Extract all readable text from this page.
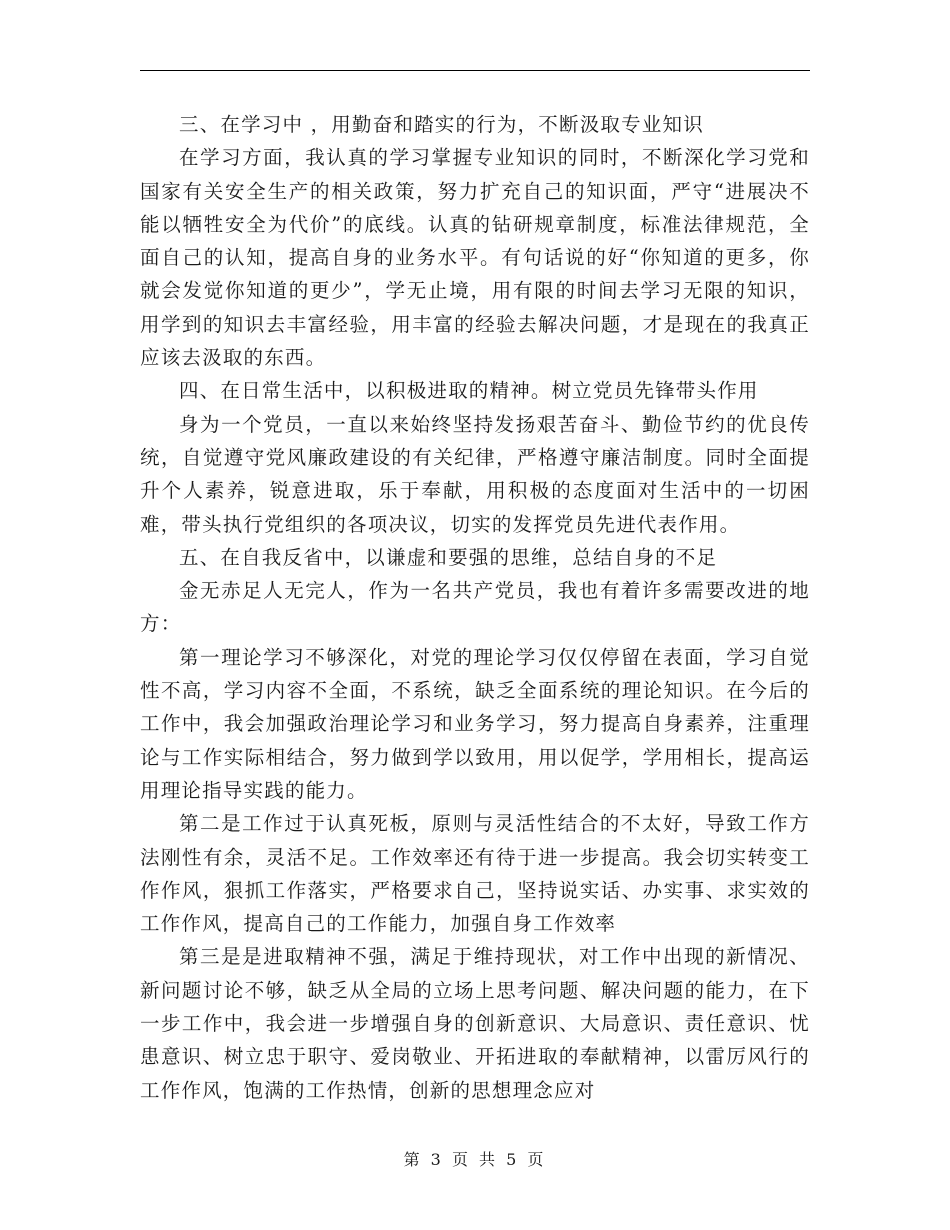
三、在学习中 ，用勤奋和踏实的行为，不断汲取专业知识

在学习方面，我认真的学习掌握专业知识的同时，不断深化学习党和国家有关安全生产的相关政策，努力扩充自己的知识面，严守“进展决不能以牺牲安全为代价”的底线。认真的钻研规章制度，标准法律规范，全面自己的认知，提高自身的业务水平。有句话说的好“你知道的更多，你就会发觉你知道的更少”，学无止境，用有限的时间去学习无限的知识，用学到的知识去丰富经验，用丰富的经验去解决问题，才是现在的我真正应该去汲取的东西。

四、在日常生活中，以积极进取的精神。树立党员先锋带头作用

身为一个党员，一直以来始终坚持发扬艰苦奋斗、勤俭节约的优良传统，自觉遵守党风廉政建设的有关纪律，严格遵守廉洁制度。同时全面提升个人素养，锐意进取，乐于奉献，用积极的态度面对生活中的一切困难，带头执行党组织的各项决议，切实的发挥党员先进代表作用。

五、在自我反省中，以谦虚和要强的思维，总结自身的不足

金无赤足人无完人，作为一名共产党员，我也有着许多需要改进的地方：

第一理论学习不够深化，对党的理论学习仅仅停留在表面，学习自觉性不高，学习内容不全面，不系统，缺乏全面系统的理论知识。在今后的工作中，我会加强政治理论学习和业务学习，努力提高自身素养，注重理论与工作实际相结合，努力做到学以致用，用以促学，学用相长，提高运用理论指导实践的能力。

第二是工作过于认真死板，原则与灵活性结合的不太好，导致工作方法刚性有余，灵活不足。工作效率还有待于进一步提高。我会切实转变工作作风，狠抓工作落实，严格要求自己，坚持说实话、办实事、求实效的工作作风，提高自己的工作能力，加强自身工作效率

第三是是进取精神不强，满足于维持现状，对工作中出现的新情况、新问题讨论不够，缺乏从全局的立场上思考问题、解决问题的能力，在下一步工作中，我会进一步增强自身的创新意识、大局意识、责任意识、忧患意识、树立忠于职守、爱岗敬业、开拓进取的奉献精神，以雷厉风行的工作作风，饱满的工作热情，创新的思想理念应对

第 3 页 共 5 页
